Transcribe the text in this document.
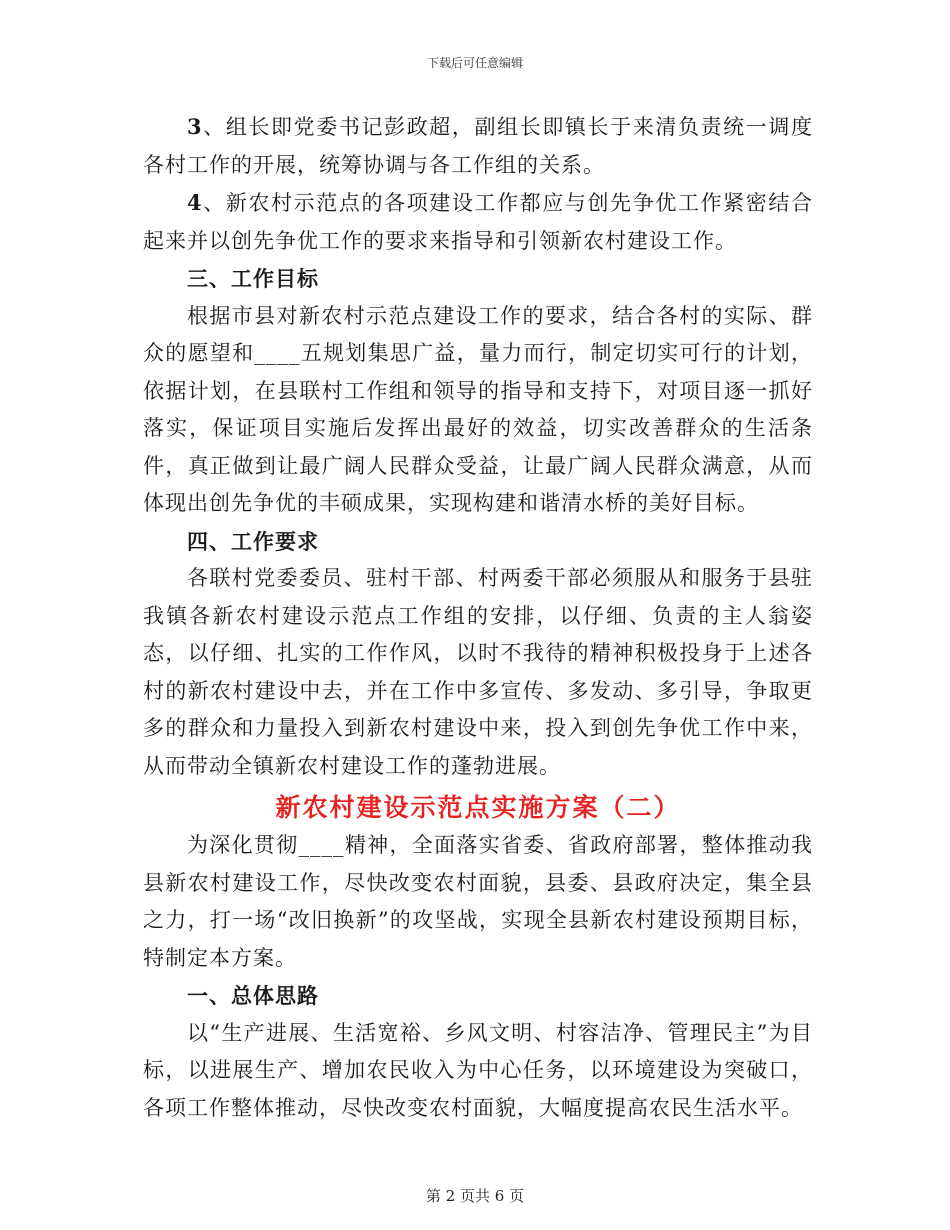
下载后可任意编辑

3、组长即党委书记彭政超，副组长即镇长于来清负责统一调度各村工作的开展，统筹协调与各工作组的关系。

4、新农村示范点的各项建设工作都应与创先争优工作紧密结合起来并以创先争优工作的要求来指导和引领新农村建设工作。

三、工作目标

根据市县对新农村示范点建设工作的要求，结合各村的实际、群众的愿望和____五规划集思广益，量力而行，制定切实可行的计划，依据计划，在县联村工作组和领导的指导和支持下，对项目逐一抓好落实，保证项目实施后发挥出最好的效益，切实改善群众的生活条件，真正做到让最广阔人民群众受益，让最广阔人民群众满意，从而体现出创先争优的丰硕成果，实现构建和谐清水桥的美好目标。

四、工作要求

各联村党委委员、驻村干部、村两委干部必须服从和服务于县驻我镇各新农村建设示范点工作组的安排，以仔细、负责的主人翁姿态，以仔细、扎实的工作作风，以时不我待的精神积极投身于上述各村的新农村建设中去，并在工作中多宣传、多发动、多引导，争取更多的群众和力量投入到新农村建设中来，投入到创先争优工作中来，从而带动全镇新农村建设工作的蓬勃进展。

新农村建设示范点实施方案（二）

为深化贯彻____精神，全面落实省委、省政府部署，整体推动我县新农村建设工作，尽快改变农村面貌，县委、县政府决定，集全县之力，打一场“改旧换新”的攻坚战，实现全县新农村建设预期目标，特制定本方案。

一、总体思路

以“生产进展、生活宽裕、乡风文明、村容洁净、管理民主”为目标，以进展生产、增加农民收入为中心任务，以环境建设为突破口，各项工作整体推动，尽快改变农村面貌，大幅度提高农民生活水平。

第 2 页共 6 页
